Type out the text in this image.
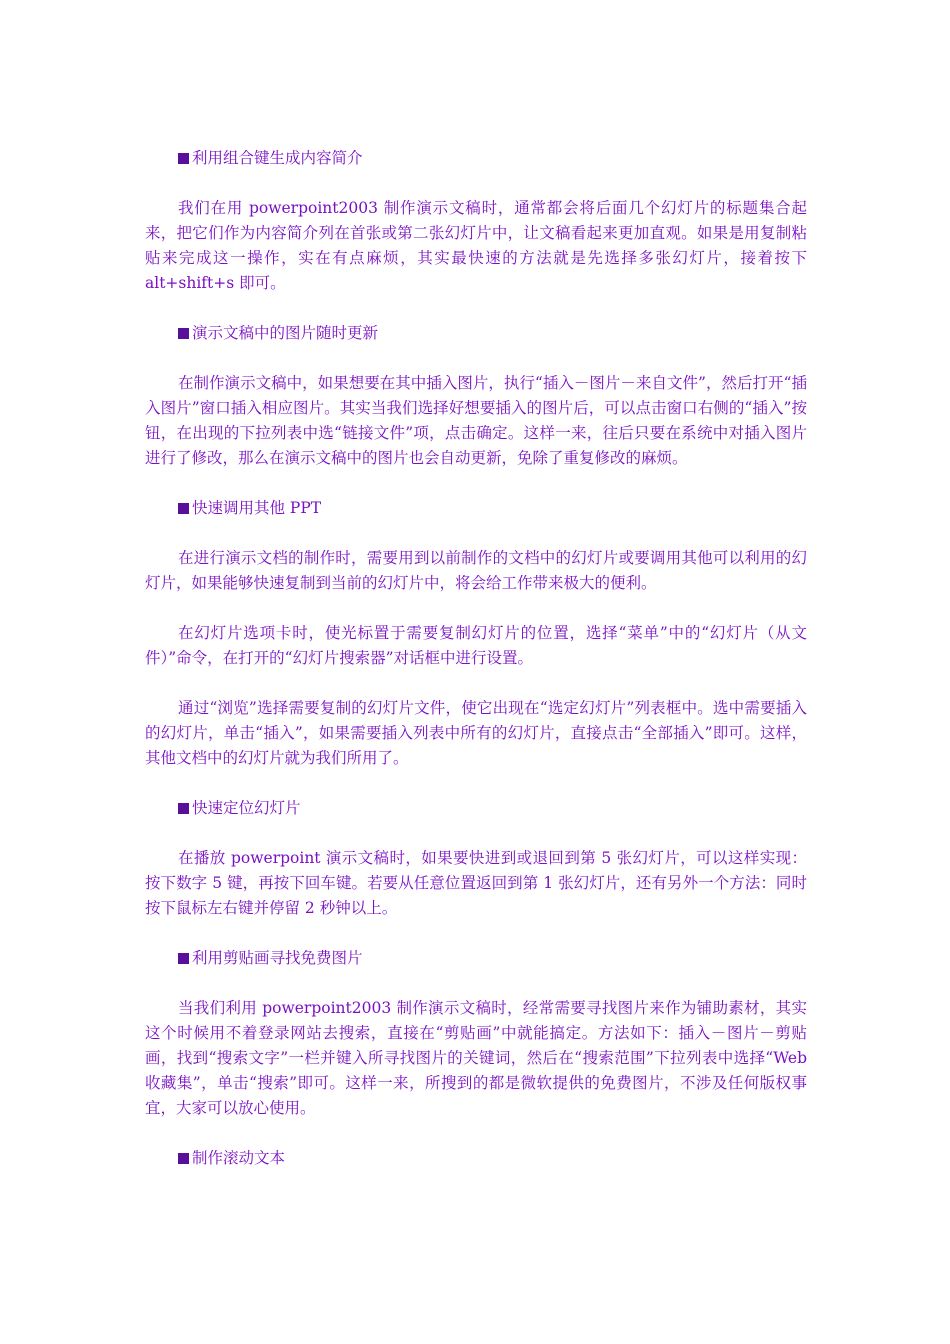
利用组合键生成内容简介

我们在用 powerpoint2003 制作演示文稿时，通常都会将后面几个幻灯片的标题集合起来，把它们作为内容简介列在首张或第二张幻灯片中，让文稿看起来更加直观。如果是用复制粘贴来完成这一操作，实在有点麻烦，其实最快速的方法就是先选择多张幻灯片，接着按下 alt+shift+s 即可。

演示文稿中的图片随时更新

在制作演示文稿中，如果想要在其中插入图片，执行“插入－图片－来自文件”，然后打开“插入图片”窗口插入相应图片。其实当我们选择好想要插入的图片后，可以点击窗口右侧的“插入”按钮，在出现的下拉列表中选“链接文件”项，点击确定。这样一来，往后只要在系统中对插入图片进行了修改，那么在演示文稿中的图片也会自动更新，免除了重复修改的麻烦。

快速调用其他 PPT

在进行演示文档的制作时，需要用到以前制作的文档中的幻灯片或要调用其他可以利用的幻灯片，如果能够快速复制到当前的幻灯片中，将会给工作带来极大的便利。

在幻灯片选项卡时，使光标置于需要复制幻灯片的位置，选择“菜单”中的“幻灯片（从文件）”命令，在打开的“幻灯片搜索器”对话框中进行设置。

通过“浏览”选择需要复制的幻灯片文件，使它出现在“选定幻灯片”列表框中。选中需要插入的幻灯片，单击“插入”，如果需要插入列表中所有的幻灯片，直接点击“全部插入”即可。这样，其他文档中的幻灯片就为我们所用了。

快速定位幻灯片

在播放 powerpoint 演示文稿时，如果要快进到或退回到第 5 张幻灯片，可以这样实现：按下数字 5 键，再按下回车键。若要从任意位置返回到第 1 张幻灯片，还有另外一个方法：同时按下鼠标左右键并停留 2 秒钟以上。

利用剪贴画寻找免费图片

当我们利用 powerpoint2003 制作演示文稿时，经常需要寻找图片来作为铺助素材，其实这个时候用不着登录网站去搜索，直接在“剪贴画”中就能搞定。方法如下：插入－图片－剪贴画，找到“搜索文字”一栏并键入所寻找图片的关键词，然后在“搜索范围”下拉列表中选择“Web 收藏集”，单击“搜索”即可。这样一来，所搜到的都是微软提供的免费图片，不涉及任何版权事宜，大家可以放心使用。

制作滚动文本
